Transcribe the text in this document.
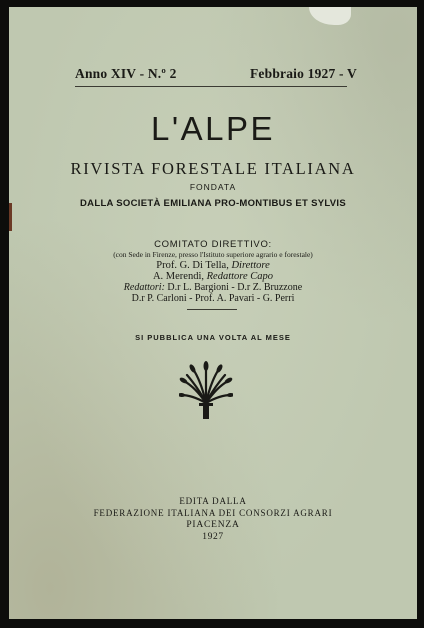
Anno XIV - N.º 2	Febbraio 1927 - V
L'ALPE
RIVISTA FORESTALE ITALIANA
FONDATA
DALLA SOCIETÀ EMILIANA PRO-MONTIBUS ET SYLVIS
COMITATO DIRETTIVO:
(con Sede in Firenze, presso l'Istituto superiore agrario e forestale)
Prof. G. Di Tella, Direttore
A. Merendi, Redattore Capo
Redattori: D.r L. Bargioni - D.r Z. Bruzzone
D.r P. Carloni - Prof. A. Pavari - G. Perri
SI PUBBLICA UNA VOLTA AL MESE
EDITA DALLA
FEDERAZIONE ITALIANA DEI CONSORZI AGRARI
PIACENZA
1927
